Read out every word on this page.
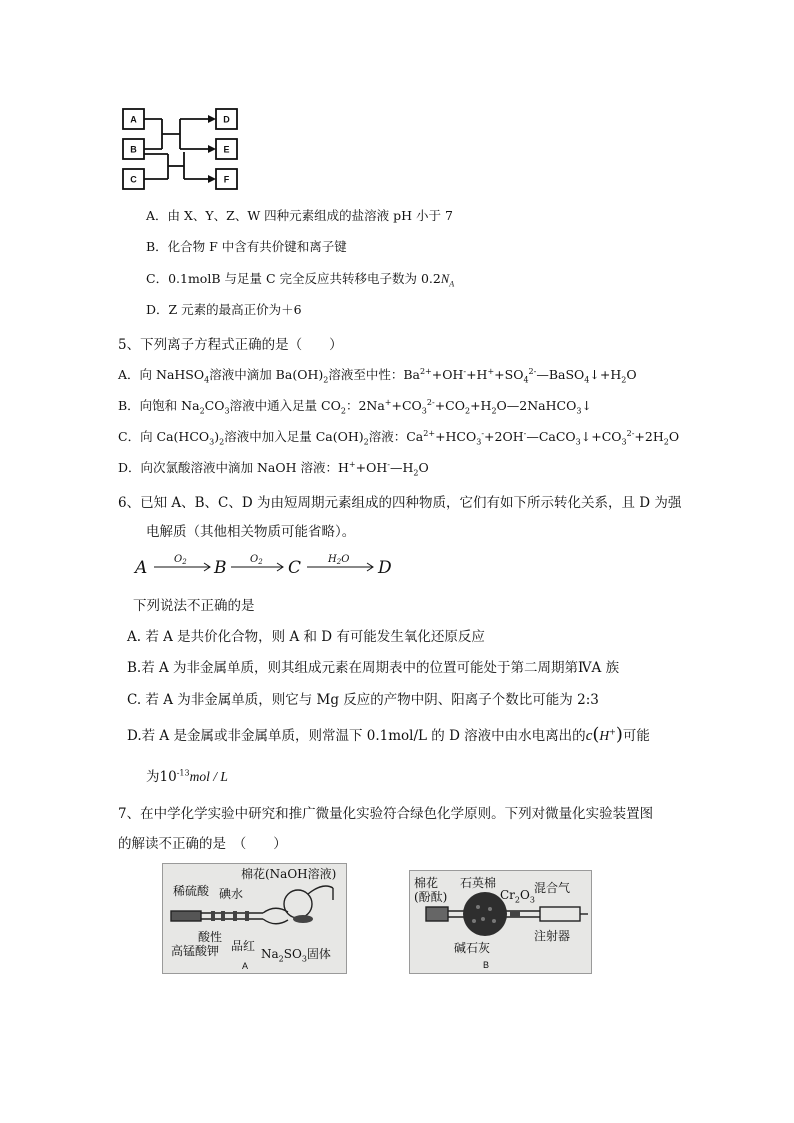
A
B
C
D
E
F
A．由 X、Y、Z、W 四种元素组成的盐溶液 pH 小于 7
B．化合物 F 中含有共价键和离子键
C．0.1molB 与足量 C 完全反应共转移电子数为 $0.2N_A$
D．Z 元素的最高正价为＋6
5、下列离子方程式正确的是（　　）
A．向 NaHSO$_4$溶液中滴加 $Ba(OH)_2$溶液至中性：$Ba^{2+}+OH^-+H^++SO_4^{2-}—BaSO_4↓+H_2O$
B．向饱和 $Na_2CO_3$溶液中通入足量 $CO_2$：$2Na^++CO_3^{2-}+CO_2+H_2O—2NaHCO_3↓$
C．向 $Ca(HCO_3)_2$溶液中加入足量 $Ca(OH)_2$溶液：$Ca^{2+}+HCO_3^-+2OH^-—CaCO_3↓+CO_3^{2-}+2H_2O$
D．向次氯酸溶液中滴加 NaOH 溶液：$H^++OH^-—H_2O$
6、已知 A、B、C、D 为由短周期元素组成的四种物质，它们有如下所示转化关系，且 D 为强
电解质（其他相关物质可能省略）。
A	B	C	D
$O_2$	$O_2$	$H_2O$
下列说法不正确的是
A. 若 A 是共价化合物，则 A 和 D 有可能发生氧化还原反应
B.若 A 为非金属单质，则其组成元素在周期表中的位置可能处于第二周期第ⅣA 族
C. 若 A 为非金属单质，则它与 Mg 反应的产物中阴、阳离子个数比可能为 2:3
D.若 A 是金属或非金属单质，则常温下 0.1mol/L 的 D 溶液中由水电离出的c(H+)可能
为$10^{-13}mol$ / L
7、在中学化学实验中研究和推广微量化实验符合绿色化学原则。下列对微量化实验装置图
的解读不正确的是　（　　）
棉花(NaOH溶液)
稀硫酸 碘水
酸性
高锰酸钾 品红
$Na_2SO_3$固体
A
棉花
(酚酞)
石英棉
$Cr_2O_3$
混合气
注射器
碱石灰
B
